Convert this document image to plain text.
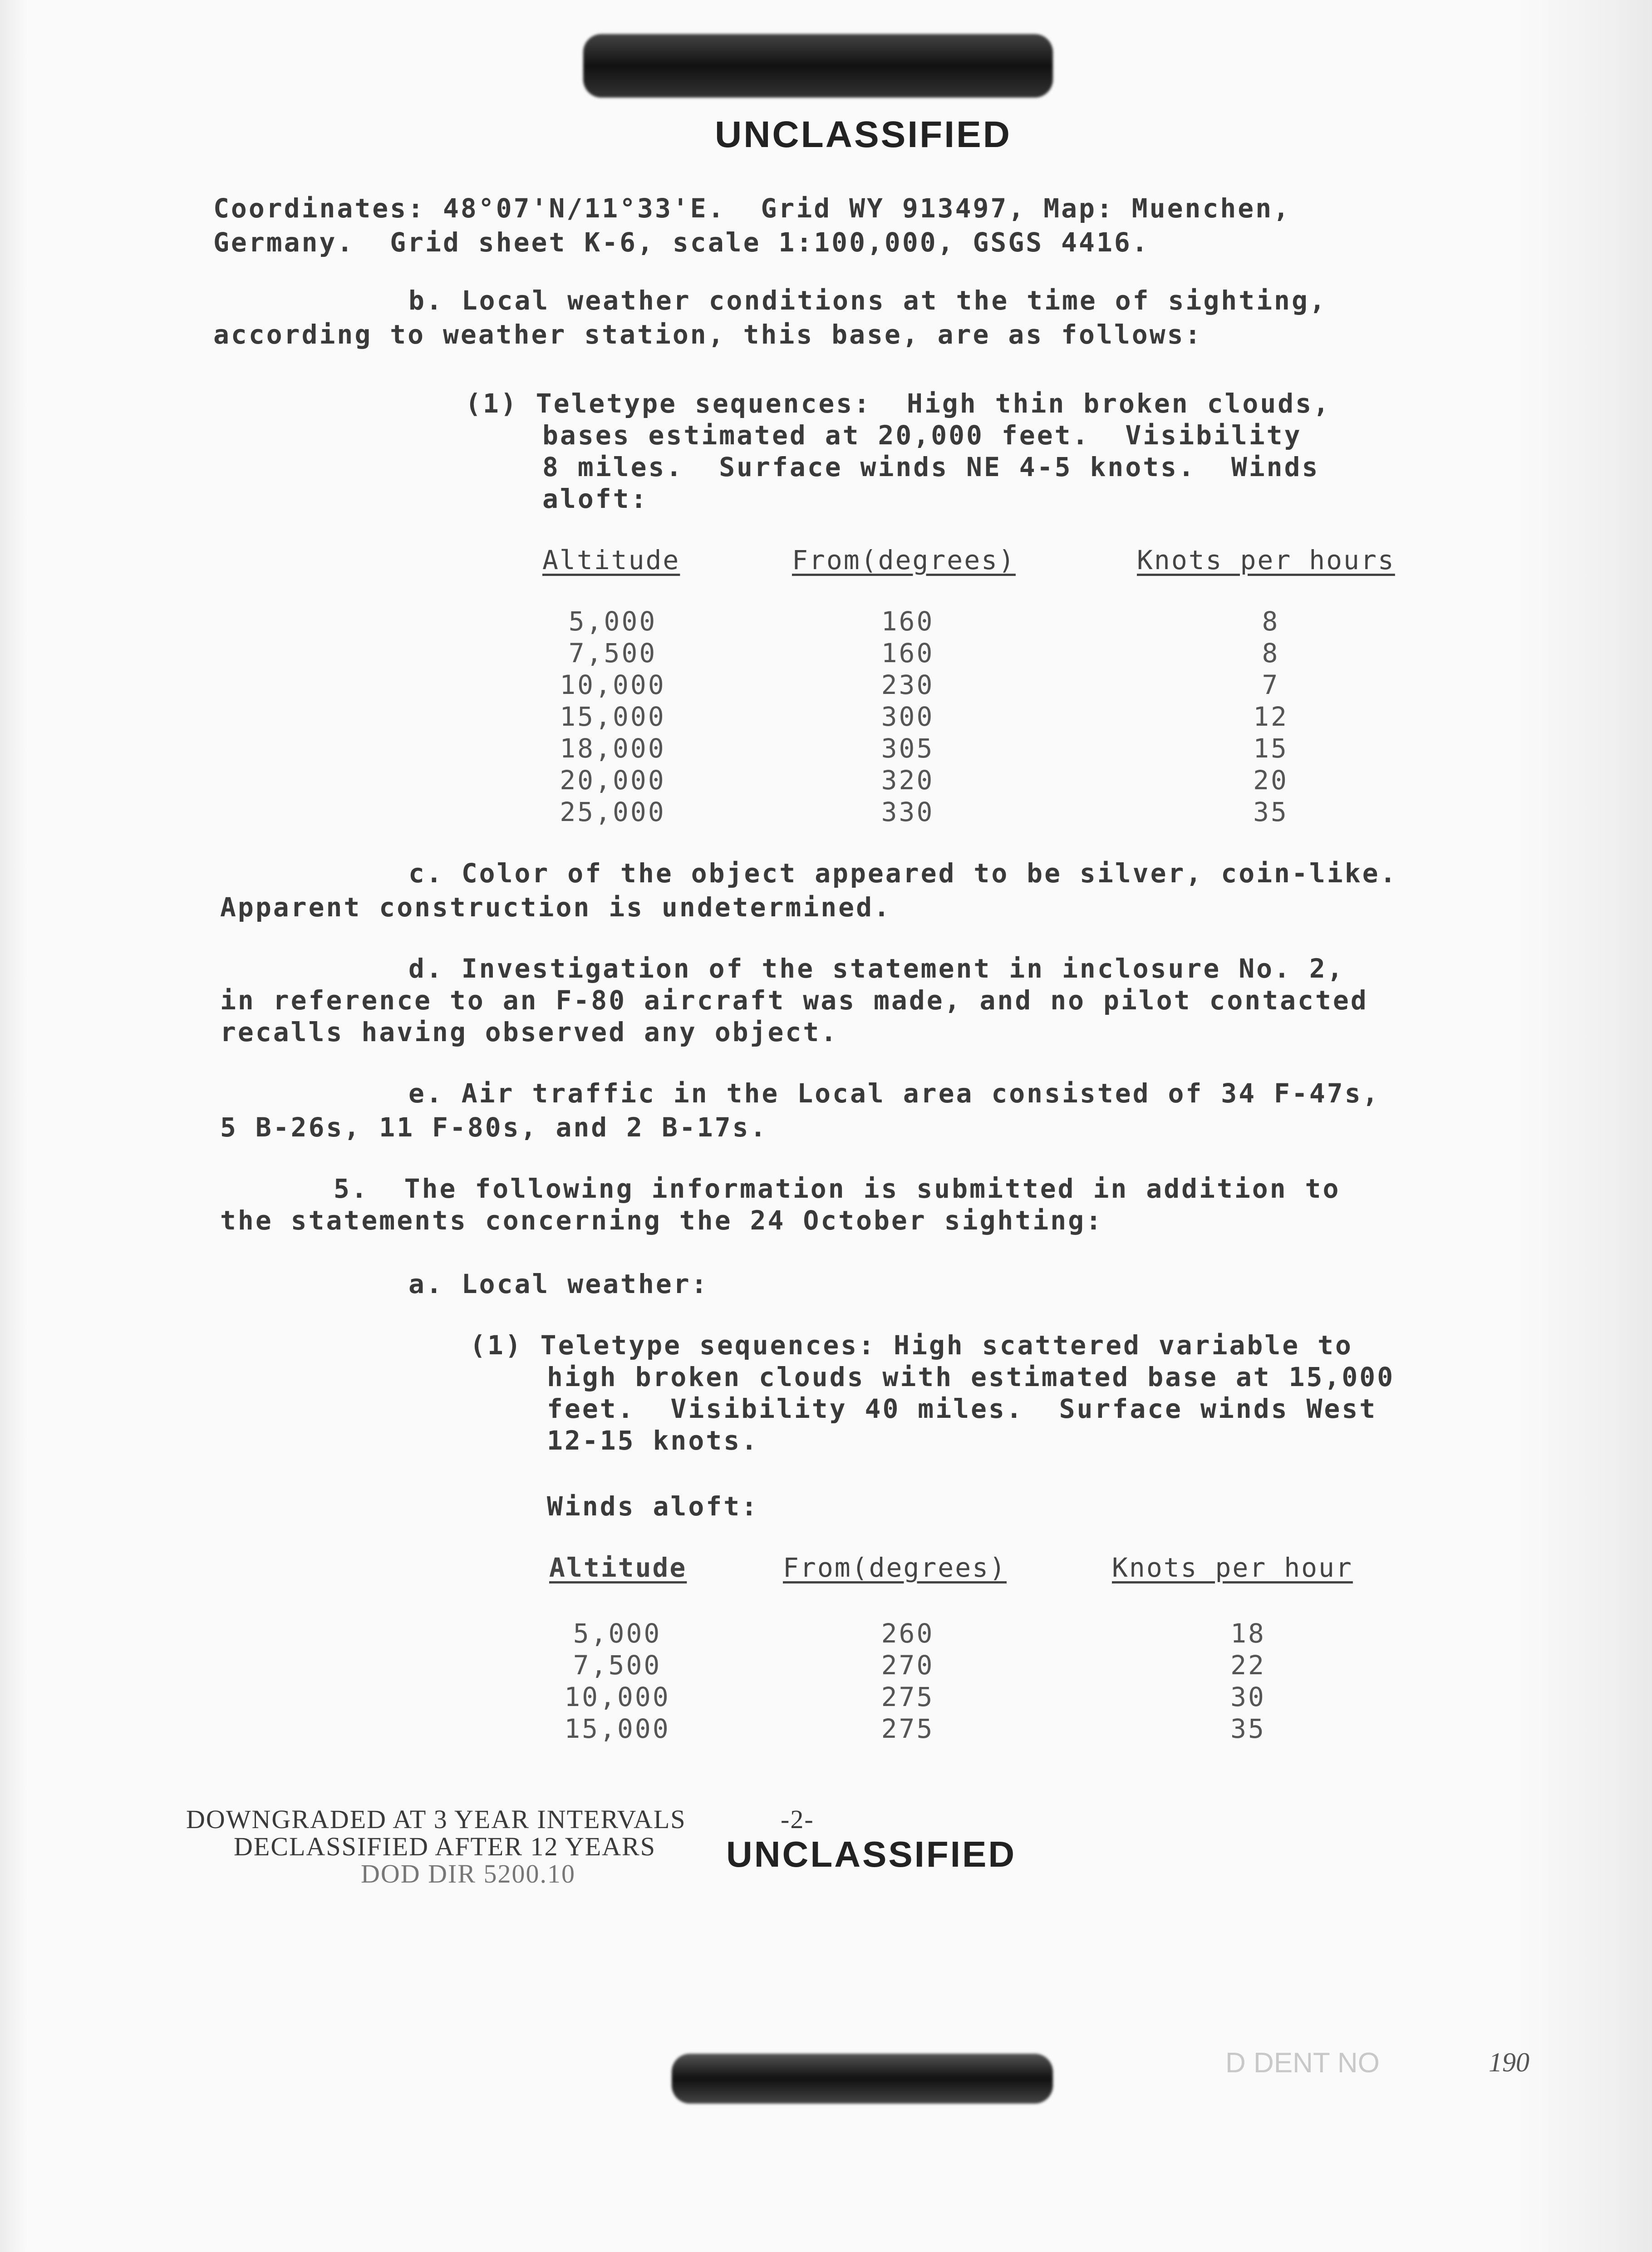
UNCLASSIFIED
Coordinates: 48°07'N/11°33'E.  Grid WY 913497, Map: Muenchen,
Germany.  Grid sheet K-6, scale 1:100,000, GSGS 4416.
b. Local weather conditions at the time of sighting,
according to weather station, this base, are as follows:
(1) Teletype sequences:  High thin broken clouds,
bases estimated at 20,000 feet.  Visibility
8 miles.  Surface winds NE 4-5 knots.  Winds
aloft:
Altitude	From(degrees)	Knots per hours
5,000	160	8
7,500	160	8
10,000	230	7
15,000	300	12
18,000	305	15
20,000	320	20
25,000	330	35
c. Color of the object appeared to be silver, coin-like.
Apparent construction is undetermined.
d. Investigation of the statement in inclosure No. 2,
in reference to an F-80 aircraft was made, and no pilot contacted
recalls having observed any object.
e. Air traffic in the Local area consisted of 34 F-47s,
5 B-26s, 11 F-80s, and 2 B-17s.
5.  The following information is submitted in addition to
the statements concerning the 24 October sighting:
a. Local weather:
(1) Teletype sequences: High scattered variable to
high broken clouds with estimated base at 15,000
feet.  Visibility 40 miles.  Surface winds West
12-15 knots.
Winds aloft:
Altitude	From(degrees)	Knots per hour
5,000	260	18
7,500	270	22
10,000	275	30
15,000	275	35
DOWNGRADED AT 3 YEAR INTERVALS	-2-
DECLASSIFIED AFTER 12 YEARS
DOD DIR 5200.10	UNCLASSIFIED
D DENT NO	190
